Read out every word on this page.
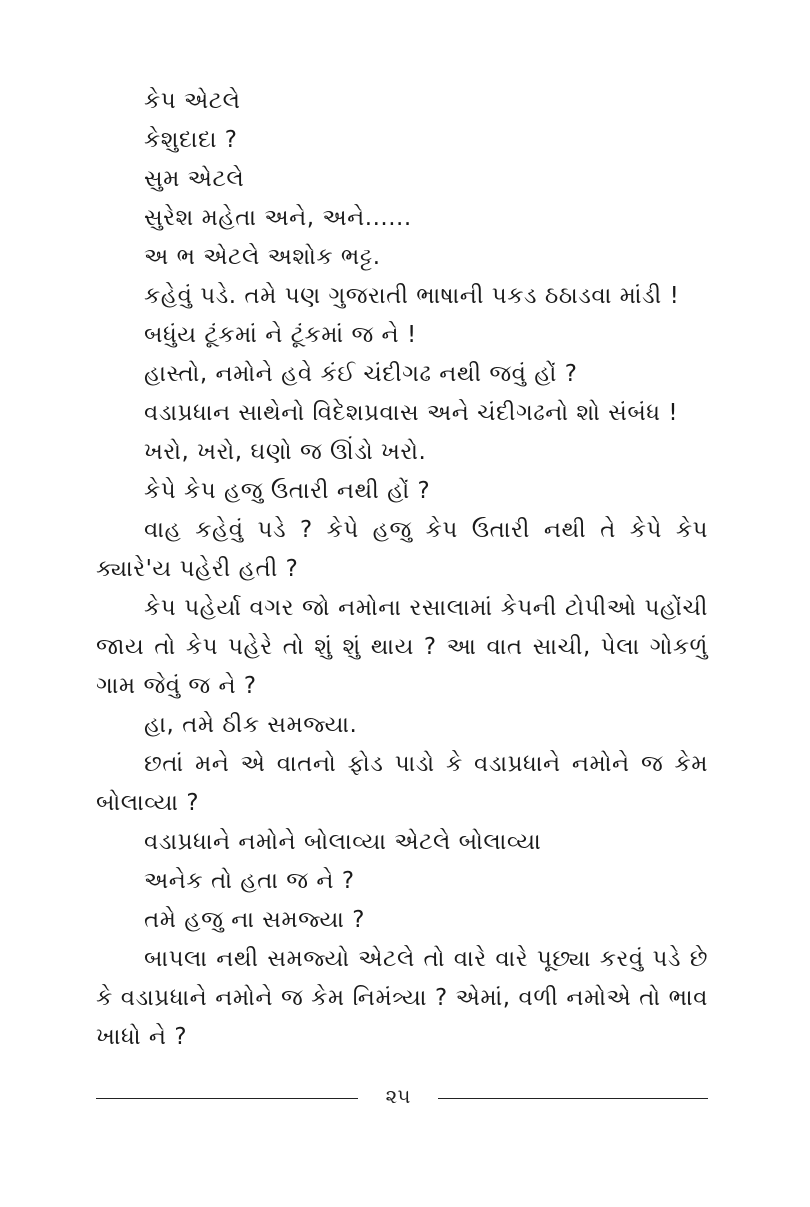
કેપ એટલે

કેશુદાદા ?

સુમ એટલે

સુરેશ મહેતા અને, અને......

અ ભ એટલે અશોક ભટ્ટ.

કહેવું પડે. તમે પણ ગુજરાતી ભાષાની પકડ ઠઠાડવા માંડી !

બધુંય ટૂંકમાં ને ટૂંકમાં જ ને !

હાસ્તો, નમોને હવે કંઈ ચંદીગઢ નથી જવું હોં ?

વડાપ્રધાન સાથેનો વિદેશપ્રવાસ અને ચંદીગઢનો શો સંબંધ !

ખરો, ખરો, ઘણો જ ઊંડો ખરો.

કેપે કેપ હજુ ઉતારી નથી હોં ?

વાહ કહેવું પડે ? કેપે હજુ કેપ ઉતારી નથી તે કેપે કેપ ક્યારે'ય પહેરી હતી ?

કેપ પહેર્યા વગર જો નમોના રસાલામાં કેપની ટોપીઓ પહોંચી જાય તો કેપ પહેરે તો શું શું થાય ? આ વાત સાચી, પેલા ગોકળું ગામ જેવું જ ને ?

હા, તમે ઠીક સમજ્યા.

છતાં મને એ વાતનો ફોડ પાડો કે વડાપ્રધાને નમોને જ કેમ બોલાવ્યા ?

વડાપ્રધાને નમોને બોલાવ્યા એટલે બોલાવ્યા

અનેક તો હતા જ ને ?

તમે હજુ ના સમજ્યા ?

બાપલા નથી સમજ્યો એટલે તો વારે વારે પૂછ્યા કરવું પડે છે કે વડાપ્રધાને નમોને જ કેમ નિમંત્ર્યા ? એમાં, વળી નમોએ તો ભાવ ખાધો ને ?

૨૫
